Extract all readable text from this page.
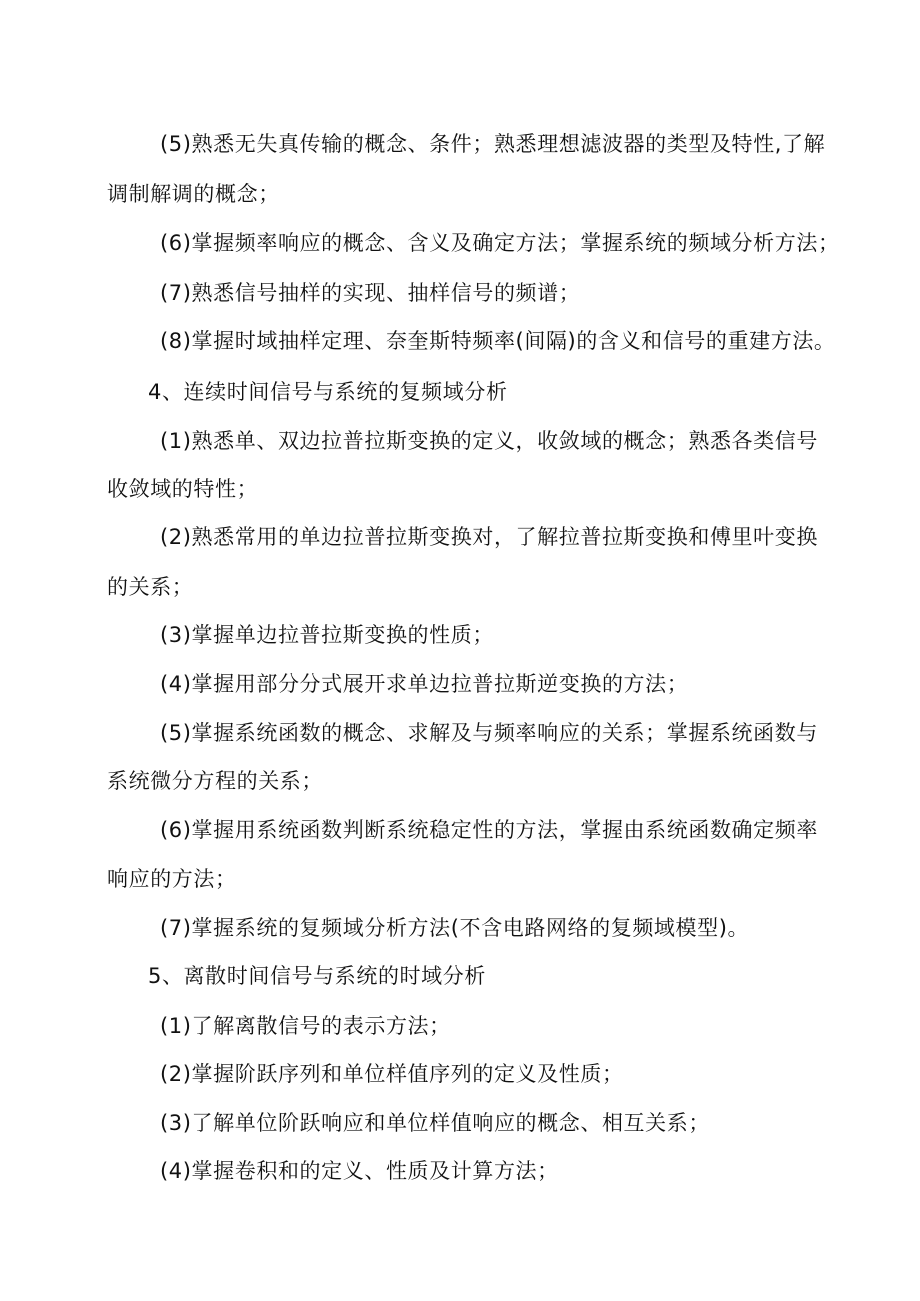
(5)熟悉无失真传输的概念、条件；熟悉理想滤波器的类型及特性,了解
调制解调的概念；
(6)掌握频率响应的概念、含义及确定方法；掌握系统的频域分析方法；
(7)熟悉信号抽样的实现、抽样信号的频谱；
(8)掌握时域抽样定理、奈奎斯特频率(间隔)的含义和信号的重建方法。
4、连续时间信号与系统的复频域分析
(1)熟悉单、双边拉普拉斯变换的定义，收敛域的概念；熟悉各类信号
收敛域的特性；
(2)熟悉常用的单边拉普拉斯变换对，了解拉普拉斯变换和傅里叶变换
的关系；
(3)掌握单边拉普拉斯变换的性质；
(4)掌握用部分分式展开求单边拉普拉斯逆变换的方法；
(5)掌握系统函数的概念、求解及与频率响应的关系；掌握系统函数与
系统微分方程的关系；
(6)掌握用系统函数判断系统稳定性的方法，掌握由系统函数确定频率
响应的方法；
(7)掌握系统的复频域分析方法(不含电路网络的复频域模型)。
5、离散时间信号与系统的时域分析
(1)了解离散信号的表示方法；
(2)掌握阶跃序列和单位样值序列的定义及性质；
(3)了解单位阶跃响应和单位样值响应的概念、相互关系；
(4)掌握卷积和的定义、性质及计算方法；
